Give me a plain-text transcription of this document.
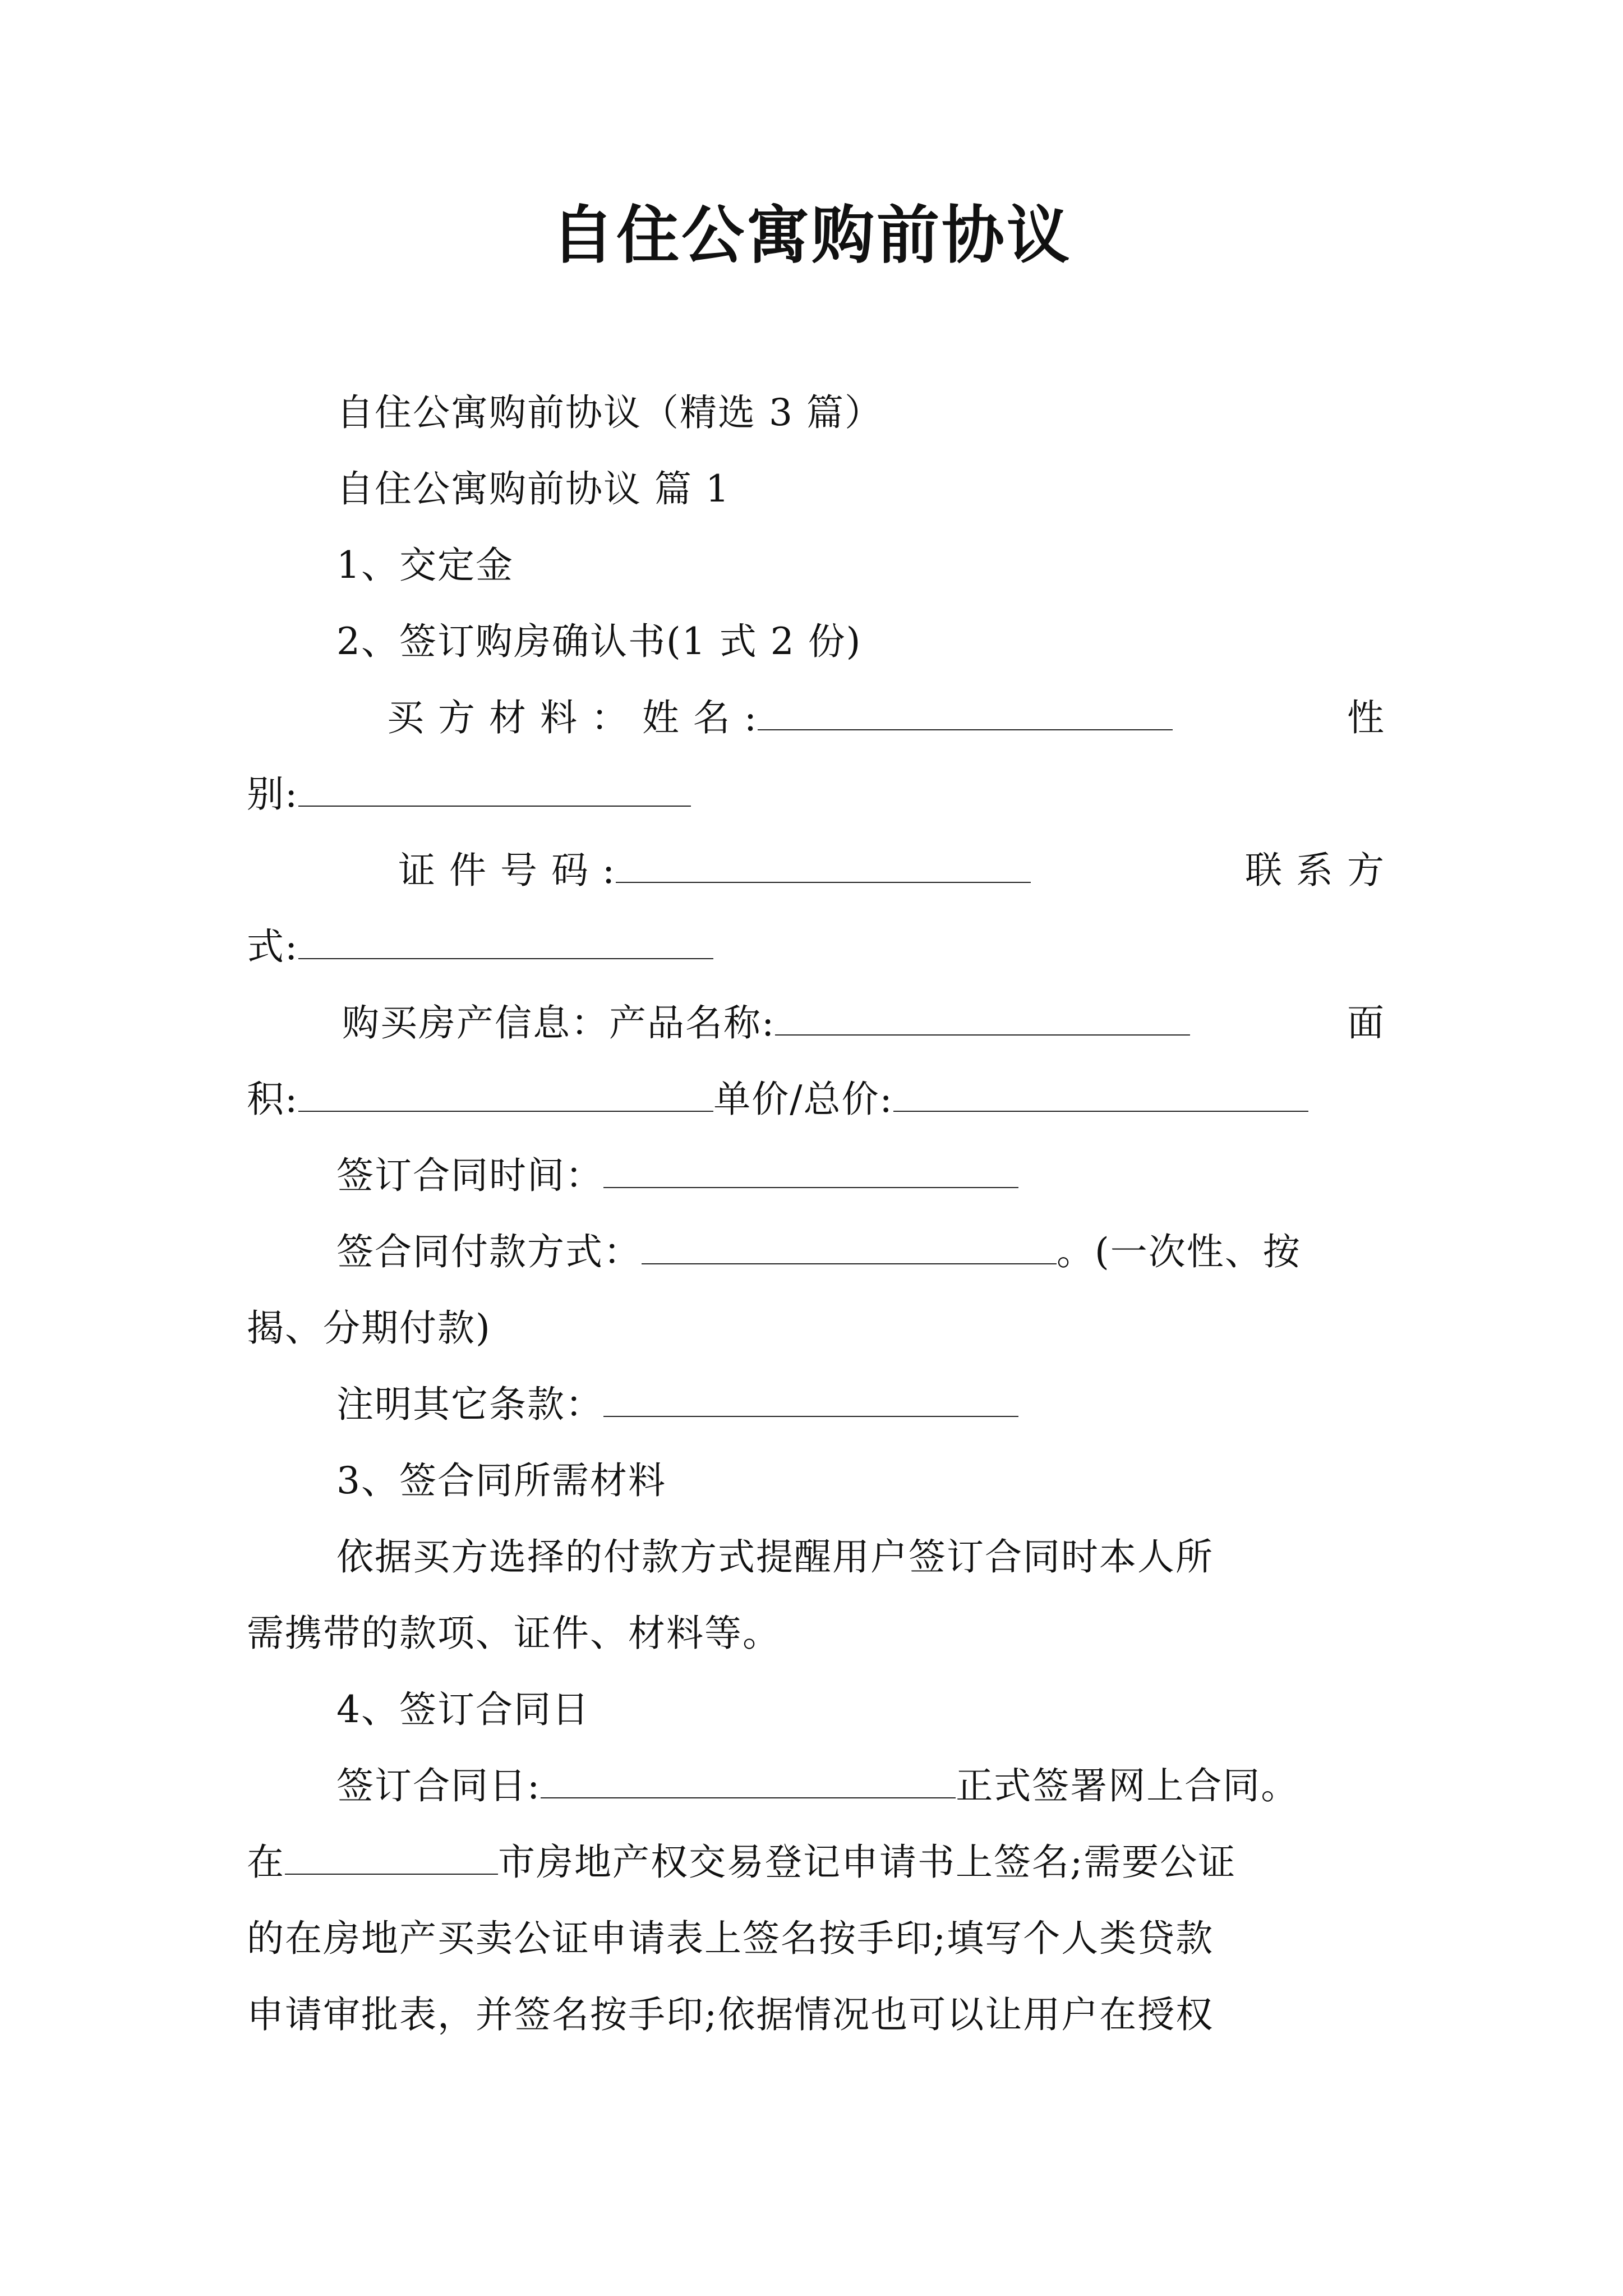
自住公寓购前协议
自住公寓购前协议（精选 3 篇）
自住公寓购前协议 篇 1
1、交定金
2、签订购房确认书(1 式 2 份)
买 方 材 料 ： 姓 名 :	性
别:
证 件 号 码 :	联 系 方
式:
购买房产信息：产品名称:	面
积:	单价/总价:
签订合同时间：
签合同付款方式：	。(一次性、按
揭、分期付款)
注明其它条款：
3、签合同所需材料
依据买方选择的付款方式提醒用户签订合同时本人所
需携带的款项、证件、材料等。
4、签订合同日
签订合同日:	正式签署网上合同。
在	市房地产权交易登记申请书上签名;需要公证
的在房地产买卖公证申请表上签名按手印;填写个人类贷款
申请审批表，并签名按手印;依据情况也可以让用户在授权
